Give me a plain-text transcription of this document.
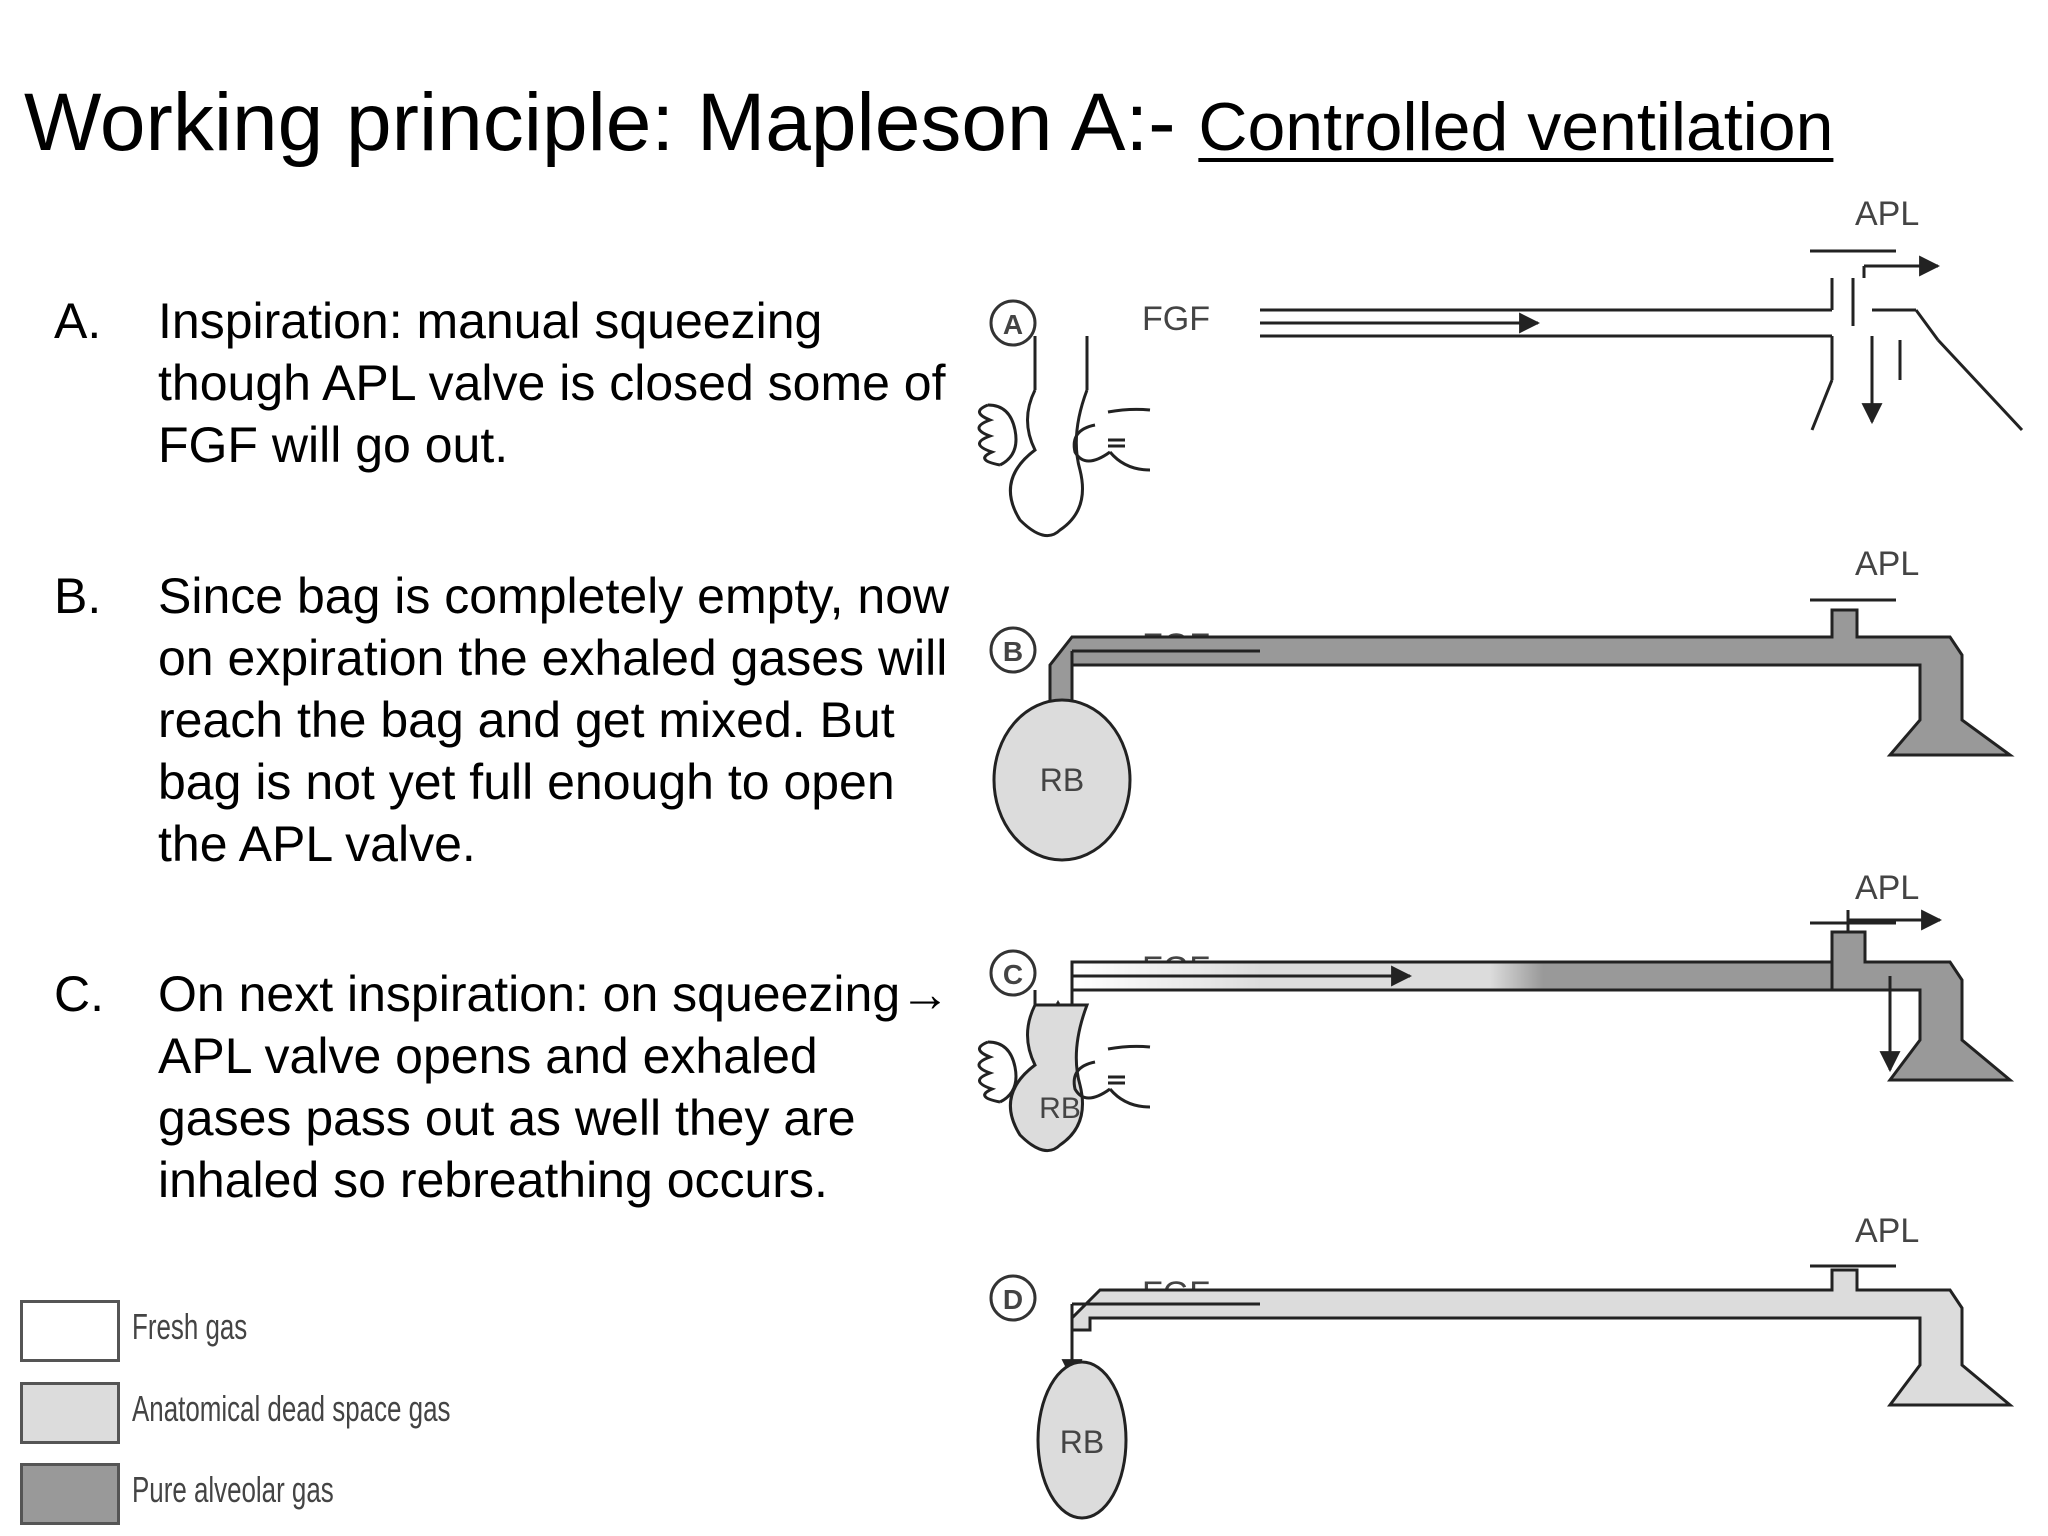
Working principle: Mapleson A:- Controlled ventilation
A. Inspiration: manual squeezing though APL valve is closed some of FGF will go out.
B. Since bag is completely empty, now on expiration the exhaled gases will reach the bag and get mixed. But bag is not yet full enough to open the APL valve.
C. On next inspiration: on squeezing→ APL valve opens and exhaled gases pass out as well they are inhaled so rebreathing occurs.
Fresh gas
Anatomical dead space gas
Pure alveolar gas
A	FGF
APL
B
APL
RB
C
APL
RB
D
APL
RB
